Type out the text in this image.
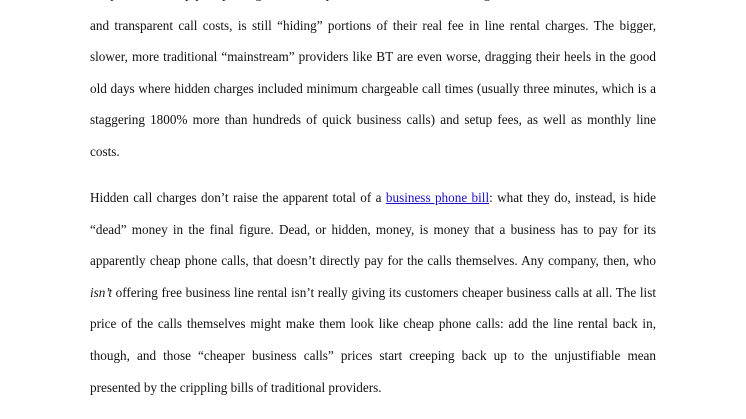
and transparent call costs, is still “hiding” portions of their real fee in line rental charges. The bigger, slower, more traditional “mainstream” providers like BT are even worse, dragging their heels in the good old days where hidden charges included minimum chargeable call times (usually three minutes, which is a staggering 1800% more than hundreds of quick business calls) and setup fees, as well as monthly line costs.

Hidden call charges don’t raise the apparent total of a business phone bill: what they do, instead, is hide “dead” money in the final figure. Dead, or hidden, money, is money that a business has to pay for its apparently cheap phone calls, that doesn’t directly pay for the calls themselves. Any company, then, who isn’t offering free business line rental isn’t really giving its customers cheaper business calls at all. The list price of the calls themselves might make them look like cheap phone calls: add the line rental back in, though, and those “cheaper business calls” prices start creeping back up to the unjustifiable mean presented by the crippling bills of traditional providers.
